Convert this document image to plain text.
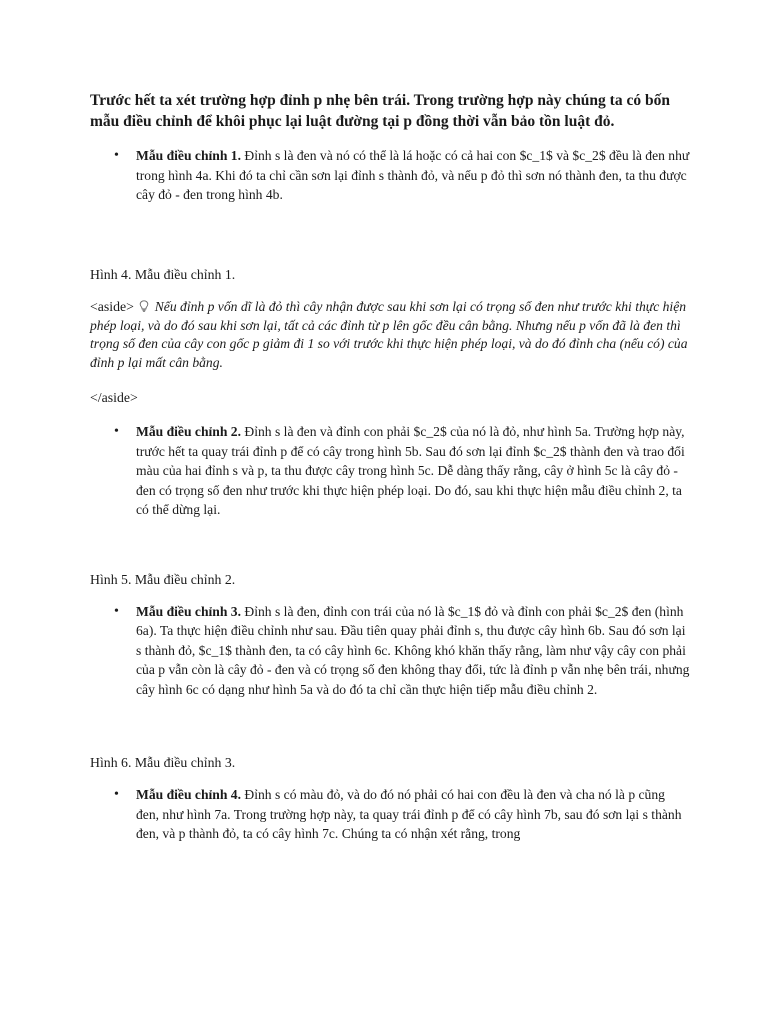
Trước hết ta xét trường hợp đỉnh p nhẹ bên trái. Trong trường hợp này chúng ta có bốn mẫu điều chỉnh để khôi phục lại luật đường tại p đồng thời vẫn bảo tồn luật đỏ.

• Mẫu điều chỉnh 1. Đỉnh s là đen và nó có thể là lá hoặc có cả hai con $c_1$ và $c_2$ đều là đen như trong hình 4a. Khi đó ta chỉ cần sơn lại đỉnh s thành đỏ, và nếu p đỏ thì sơn nó thành đen, ta thu được cây đỏ - đen trong hình 4b.

Hình 4. Mẫu điều chỉnh 1.

<aside> Nếu đỉnh p vốn dĩ là đỏ thì cây nhận được sau khi sơn lại có trọng số đen như trước khi thực hiện phép loại, và do đó sau khi sơn lại, tất cả các đỉnh từ p lên gốc đều cân bằng. Nhưng nếu p vốn đã là đen thì trọng số đen của cây con gốc p giảm đi 1 so với trước khi thực hiện phép loại, và do đó đỉnh cha (nếu có) của đỉnh p lại mất cân bằng.
</aside>
• Mẫu điều chỉnh 2. Đỉnh s là đen và đỉnh con phải $c_2$ của nó là đỏ, như hình 5a. Trường hợp này, trước hết ta quay trái đỉnh p để có cây trong hình 5b. Sau đó sơn lại đỉnh $c_2$ thành đen và trao đổi màu của hai đỉnh s và p, ta thu được cây trong hình 5c. Dễ dàng thấy rằng, cây ở hình 5c là cây đỏ - đen có trọng số đen như trước khi thực hiện phép loại. Do đó, sau khi thực hiện mẫu điều chỉnh 2, ta có thể dừng lại.

Hình 5. Mẫu điều chỉnh 2.

• Mẫu điều chỉnh 3. Đỉnh s là đen, đỉnh con trái của nó là $c_1$ đỏ và đỉnh con phải $c_2$ đen (hình 6a). Ta thực hiện điều chỉnh như sau. Đầu tiên quay phải đỉnh s, thu được cây hình 6b. Sau đó sơn lại s thành đỏ, $c_1$ thành đen, ta có cây hình 6c. Không khó khăn thấy rằng, làm như vậy cây con phải của p vẫn còn là cây đỏ - đen và có trọng số đen không thay đổi, tức là đỉnh p vẫn nhẹ bên trái, nhưng cây hình 6c có dạng như hình 5a và do đó ta chỉ cần thực hiện tiếp mẫu điều chỉnh 2.

Hình 6. Mẫu điều chỉnh 3.

• Mẫu điều chỉnh 4. Đỉnh s có màu đỏ, và do đó nó phải có hai con đều là đen và cha nó là p cũng đen, như hình 7a. Trong trường hợp này, ta quay trái đỉnh p để có cây hình 7b, sau đó sơn lại s thành đen, và p thành đỏ, ta có cây hình 7c. Chúng ta có nhận xét rằng, trong
